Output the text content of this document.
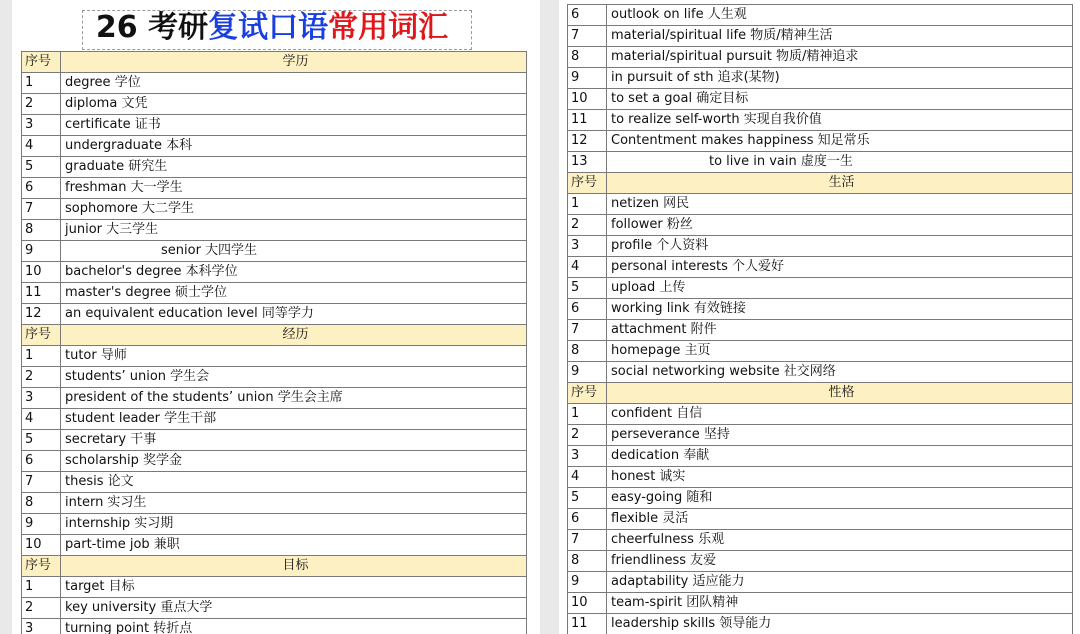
26 考研复试口语常用词汇
序号	学历
1	degree 学位
2	diploma 文凭
3	certificate 证书
4	undergraduate 本科
5	graduate 研究生
6	freshman 大一学生
7	sophomore 大二学生
8	junior 大三学生
9	senior 大四学生
10	bachelor's degree 本科学位
11	master's degree 硕士学位
12	an equivalent education level 同等学力
序号	经历
1	tutor 导师
2	students’ union 学生会
3	president of the students’ union 学生会主席
4	student leader 学生干部
5	secretary 干事
6	scholarship 奖学金
7	thesis 论文
8	intern 实习生
9	internship 实习期
10	part-time job 兼职
序号	目标
1	target 目标
2	key university 重点大学
3	turning point 转折点
6	outlook on life 人生观
7	material/spiritual life 物质/精神生活
8	material/spiritual pursuit 物质/精神追求
9	in pursuit of sth 追求(某物)
10	to set a goal 确定目标
11	to realize self-worth 实现自我价值
12	Contentment makes happiness 知足常乐
13	to live in vain 虚度一生
序号	生活
1	netizen 网民
2	follower 粉丝
3	profile 个人资料
4	personal interests 个人爱好
5	upload 上传
6	working link 有效链接
7	attachment 附件
8	homepage 主页
9	social networking website 社交网络
序号	性格
1	confident 自信
2	perseverance 坚持
3	dedication 奉献
4	honest 诚实
5	easy-going 随和
6	flexible 灵活
7	cheerfulness 乐观
8	friendliness 友爱
9	adaptability 适应能力
10	team-spirit 团队精神
11	leadership skills 领导能力
